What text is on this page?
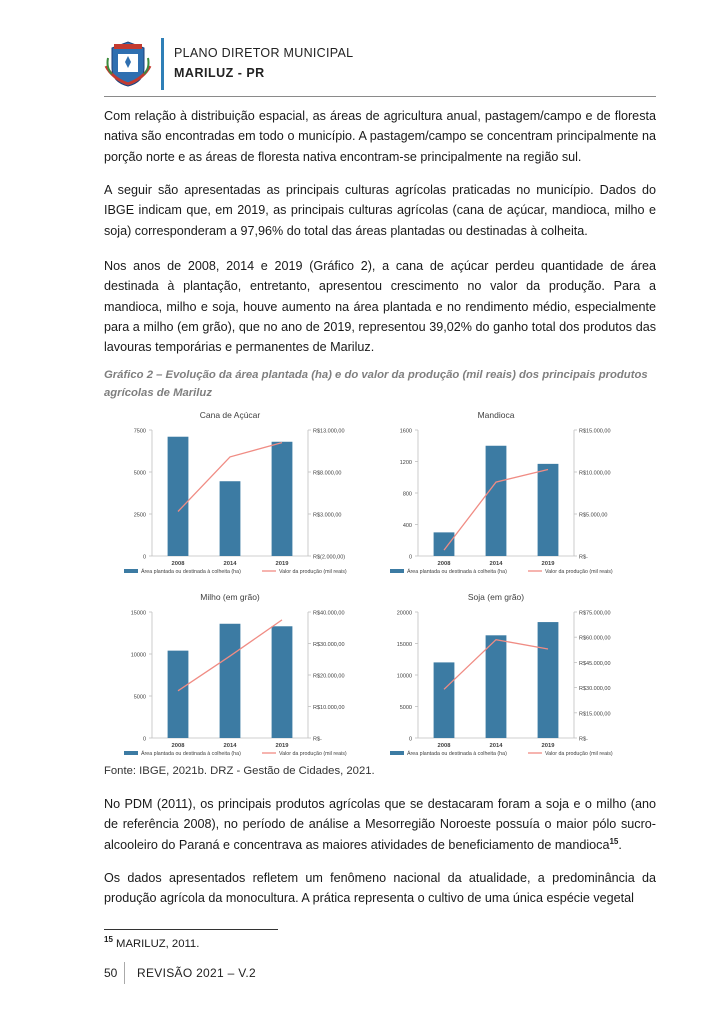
PLANO DIRETOR MUNICIPAL
MARILUZ - PR
Com relação à distribuição espacial, as áreas de agricultura anual, pastagem/campo e de floresta nativa são encontradas em todo o município. A pastagem/campo se concentram principalmente na porção norte e as áreas de floresta nativa encontram-se principalmente na região sul.
A seguir são apresentadas as principais culturas agrícolas praticadas no município. Dados do IBGE indicam que, em 2019, as principais culturas agrícolas (cana de açúcar, mandioca, milho e soja) corresponderam a 97,96% do total das áreas plantadas ou destinadas à colheita.
Nos anos de 2008, 2014 e 2019 (Gráfico 2), a cana de açúcar perdeu quantidade de área destinada à plantação, entretanto, apresentou crescimento no valor da produção. Para a mandioca, milho e soja, houve aumento na área plantada e no rendimento médio, especialmente para a milho (em grão), que no ano de 2019, representou 39,02% do ganho total dos produtos das lavouras temporárias e permanentes de Mariluz.
Gráfico 2 – Evolução da área plantada (ha) e do valor da produção (mil reais) dos principais produtos agrícolas de Mariluz
Cana de Açúcar
0
2500
5000
7500
R$(2.000,00)
R$3.000,00
R$8.000,00
R$13.000,00
2008	2014	2019
Área plantada ou destinada à colheita (ha)	Valor da produção (mil reais)
Mandioca
0
400
800
1200
1600
R$-
R$5.000,00
R$10.000,00
R$15.000,00
2008	2014	2019
Área plantada ou destinada à colheita (ha)	Valor da produção (mil reais)
Milho (em grão)
0
5000
10000
15000
R$-
R$10.000,00
R$20.000,00
R$30.000,00
R$40.000,00
2008	2014	2019
Área plantada ou destinada à colheita (ha)	Valor da produção (mil reais)
Soja (em grão)
0
5000
10000
15000
20000
R$-
R$15.000,00
R$30.000,00
R$45.000,00
R$60.000,00
R$75.000,00
2008	2014	2019
Área plantada ou destinada à colheita (ha)	Valor da produção (mil reais)
Fonte: IBGE, 2021b. DRZ - Gestão de Cidades, 2021.
No PDM (2011), os principais produtos agrícolas que se destacaram foram a soja e o milho (ano de referência 2008), no período de análise a Mesorregião Noroeste possuía o maior pólo sucro-alcooleiro do Paraná e concentrava as maiores atividades de beneficiamento de mandioca$^{15}$.
Os dados apresentados refletem um fenômeno nacional da atualidade, a predominância da produção agrícola da monocultura. A prática representa o cultivo de uma única espécie vegetal
$^{15}$ MARILUZ, 2011.
50 REVISÃO 2021 – V.2
